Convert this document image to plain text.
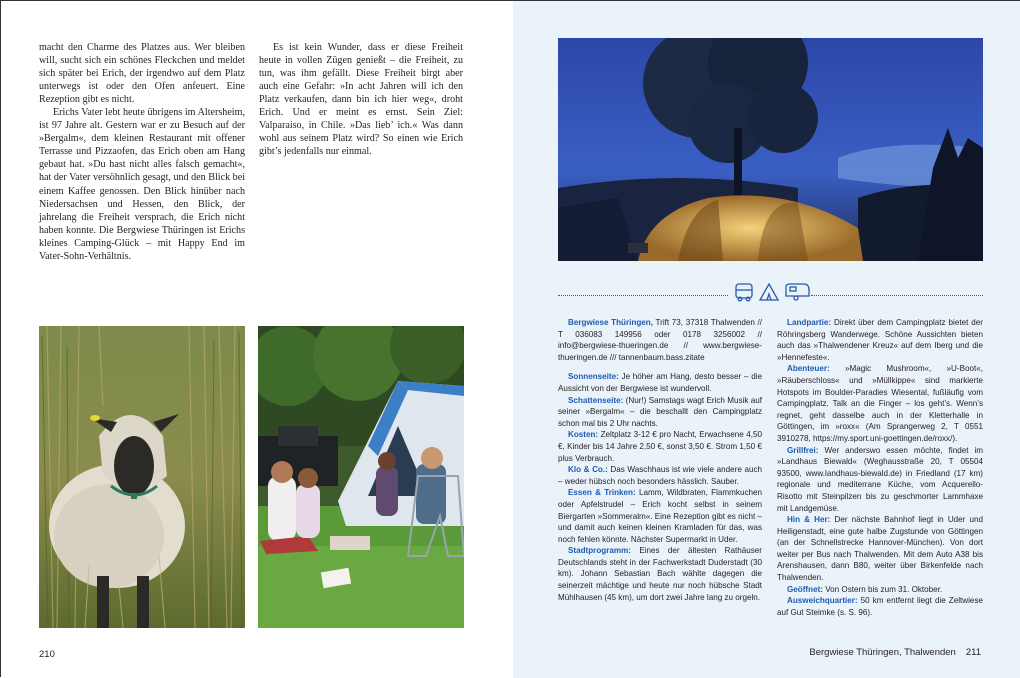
macht den Charme des Platzes aus. Wer bleiben will, sucht sich ein schönes Fleckchen und meldet sich später bei Erich, der irgendwo auf dem Platz unterwegs ist oder den Ofen anfeuert. Eine Rezeption gibt es nicht.

Erichs Vater lebt heute übrigens im Altersheim, ist 97 Jahre alt. Gestern war er zu Besuch auf der »Bergalm«, dem kleinen Restaurant mit offener Terrasse und Pizzaofen, das Erich oben am Hang gebaut hat. »Du hast nicht alles falsch gemacht«, hat der Vater versöhnlich gesagt, und den Blick bei einem Kaffee genossen. Den Blick hinüber nach Niedersachsen und Hessen, den Blick, der jahrelang die Freiheit versprach, die Erich nicht haben konnte. Die Bergwiese Thüringen ist Erichs kleines Camping-Glück – mit Happy End im Vater-Sohn-Verhältnis.

Es ist kein Wunder, dass er diese Freiheit heute in vollen Zügen genießt – die Freiheit, zu tun, was ihm gefällt. Diese Freiheit birgt aber auch eine Gefahr: »In acht Jahren will ich den Platz verkaufen, dann bin ich hier weg«, droht Erich. Und er meint es ernst. Sein Ziel: Valparaiso, in Chile. »Das lieb’ ich.« Was dann wohl aus seinem Platz wird? So einen wie Erich gibt’s jedenfalls nur einmal.

210

Bergwiese Thüringen, Trift 73, 37318 Thalwenden // T 036083 149956 oder 0178 3256002 // info@bergwiese-thueringen.de // www.bergwiese-thueringen.de /// tannenbaum.bass.zitate

Sonnenseite: Je höher am Hang, desto besser – die Aussicht von der Bergwiese ist wundervoll.

Schattenseite: (Nur!) Samstags wagt Erich Musik auf seiner »Bergalm« – die beschallt den Campingplatz schon mal bis 2 Uhr nachts.

Kosten: Zeltplatz 3-12 € pro Nacht, Erwachsene 4,50 €, Kinder bis 14 Jahre 2,50 €, sonst 3,50 €. Strom 1,50 € plus Verbrauch.

Klo & Co.: Das Waschhaus ist wie viele andere auch – weder hübsch noch besonders hässlich. Sauber.

Essen & Trinken: Lamm, Wildbraten, Flammkuchen oder Apfelstrudel – Erich kocht selbst in seinem Biergarten »Sommeralm«. Eine Rezeption gibt es nicht – und damit auch keinen kleinen Kramladen für das, was noch fehlen könnte. Nächster Supermarkt in Uder.

Stadtprogramm: Eines der ältesten Rathäuser Deutschlands steht in der Fachwerkstadt Duderstadt (30 km). Johann Sebastian Bach wählte dagegen die seinerzeit mächtige und heute nur noch hübsche Stadt Mühlhausen (45 km), um dort zwei Jahre lang zu orgeln.

Landpartie: Direkt über dem Campingplatz bietet der Röhringsberg Wanderwege. Schöne Aussichten bieten auch das »Thalwendener Kreuz« auf dem Iberg und die »Hennefeste«.

Abenteuer: »Magic Mushroom«, »U-Boot«, »Räuberschloss« und »Müllkippe« sind markierte Hotspots im Boulder-Paradies Wiesental, fußläufig vom Campingplatz. Talk an die Finger – los geht’s. Wenn’s regnet, geht dasselbe auch in der Kletterhalle in Göttingen, im »roxx« (Am Sprangerweg 2, T 0551 3910278, https://my.sport.uni-goettingen.de/roxx/).

Grillfrei: Wer anderswo essen möchte, findet im »Landhaus Biewald« (Weghausstraße 20, T 05504 93500, www.landhaus-biewald.de) in Friedland (17 km) regionale und mediterrane Küche, vom Acquerello-Risotto mit Steinpilzen bis zu geschmorter Lammhaxe mit Landgemüse.

Hin & Her: Der nächste Bahnhof liegt in Uder und Heiligenstadt, eine gute halbe Zugstunde von Göttingen (an der Schnellstrecke Hannover-München). Von dort weiter per Bus nach Thalwenden. Mit dem Auto A38 bis Arenshausen, dann B80, weiter über Birkenfelde nach Thalwenden.

Geöffnet: Von Ostern bis zum 31. Oktober.

Ausweichquartier: 50 km entfernt liegt die Zeltwiese auf Gut Steimke (s. S. 96).

Bergwiese Thüringen, Thalwenden 211
